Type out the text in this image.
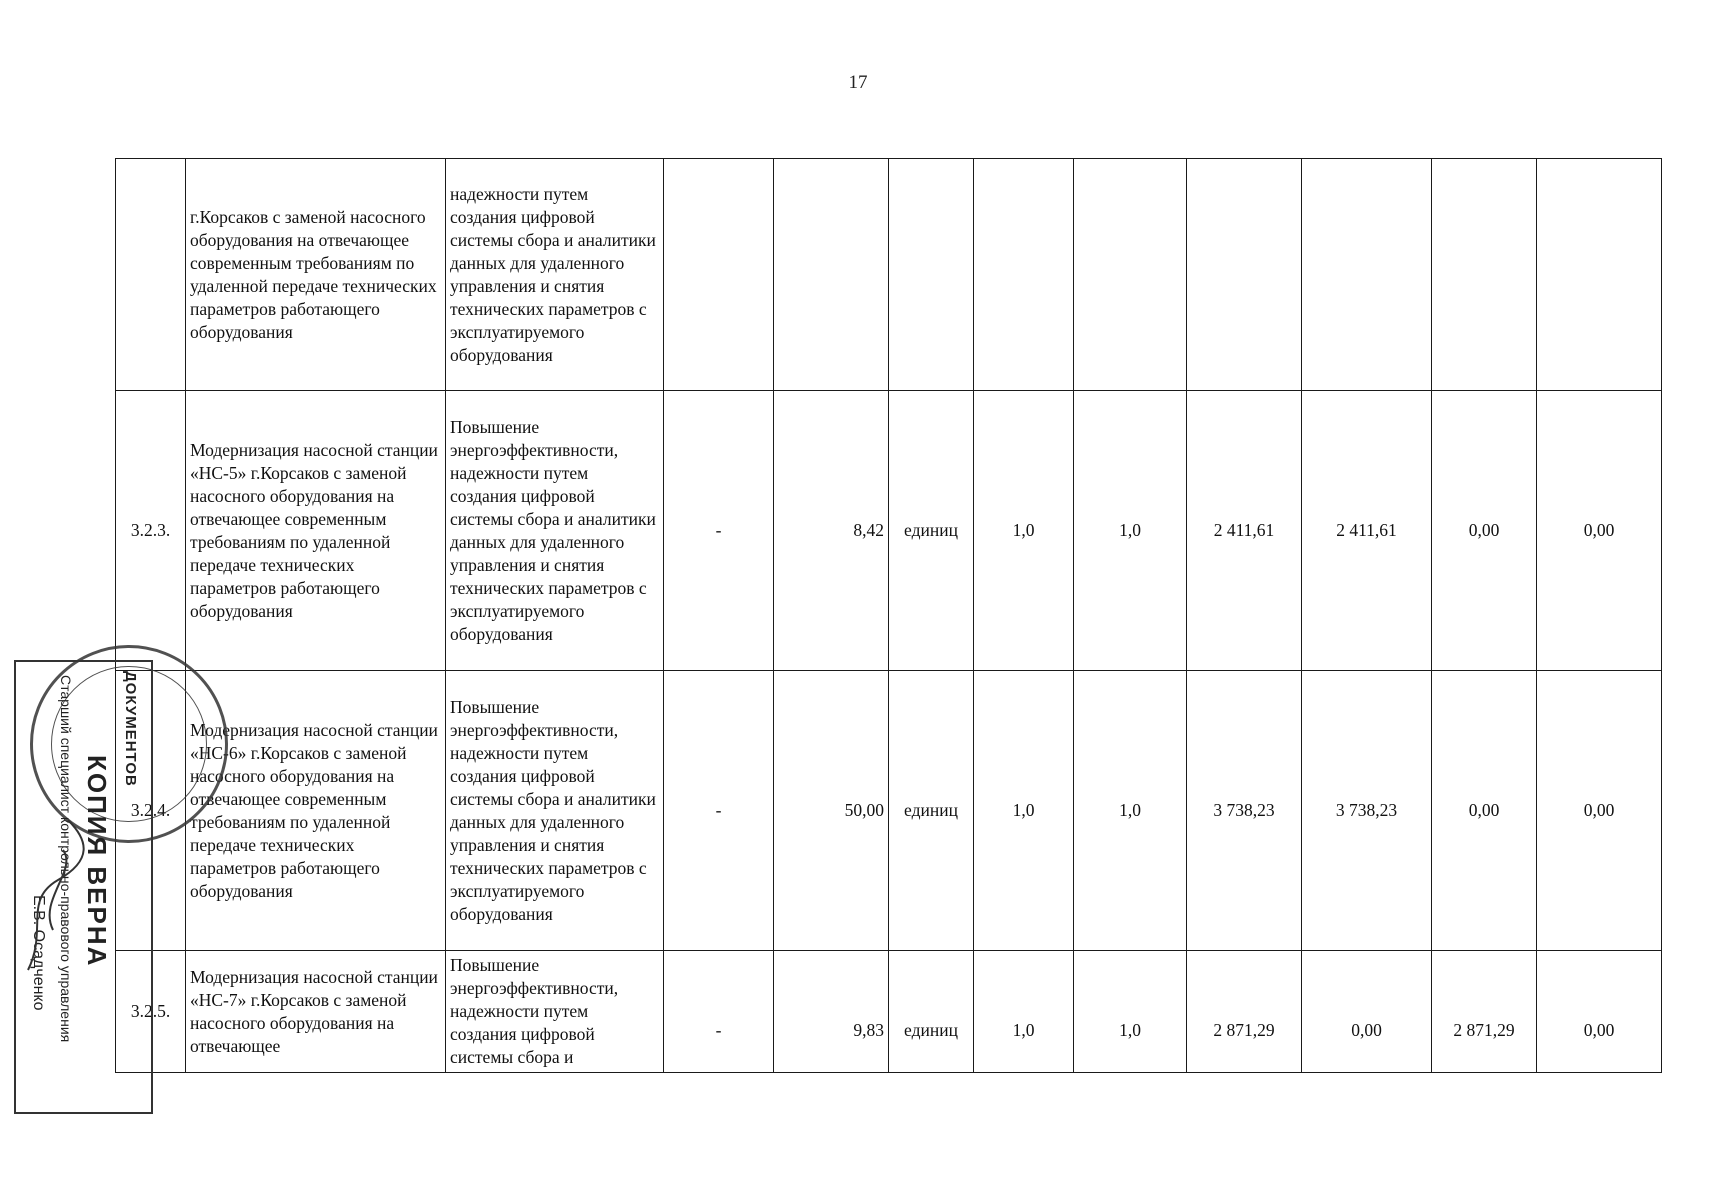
17
	г.Корсаков с заменой насосного оборудования на отвечающее современным требованиям по удаленной передаче технических параметров работающего оборудования	надежности путем создания цифровой системы сбора и аналитики данных для удаленного управления и снятия технических параметров с эксплуатируемого оборудования									
3.2.3.	Модернизация насосной станции «НС-5» г.Корсаков с заменой насосного оборудования на отвечающее современным требованиям по удаленной передаче технических параметров работающего оборудования	Повышение энергоэффективности, надежности путем создания цифровой системы сбора и аналитики данных для удаленного управления и снятия технических параметров с эксплуатируемого оборудования	-	8,42	единиц	1,0	1,0	2 411,61	2 411,61	0,00	0,00
3.2.4.	Модернизация насосной станции «НС-6» г.Корсаков с заменой насосного оборудования на отвечающее современным требованиям по удаленной передаче технических параметров работающего оборудования	Повышение энергоэффективности, надежности путем создания цифровой системы сбора и аналитики данных для удаленного управления и снятия технических параметров с эксплуатируемого оборудования	-	50,00	единиц	1,0	1,0	3 738,23	3 738,23	0,00	0,00
3.2.5.	Модернизация насосной станции «НС-7» г.Корсаков с заменой насосного оборудования на отвечающее	Повышение энергоэффективности, надежности путем создания цифровой системы сбора и	-	9,83	единиц	1,0	1,0	2 871,29	0,00	2 871,29	0,00
ДОКУМЕНТОВ
КОПИЯ ВЕРНА
Старший специалист контрольно-правового управления
Е.В. Осадченко
